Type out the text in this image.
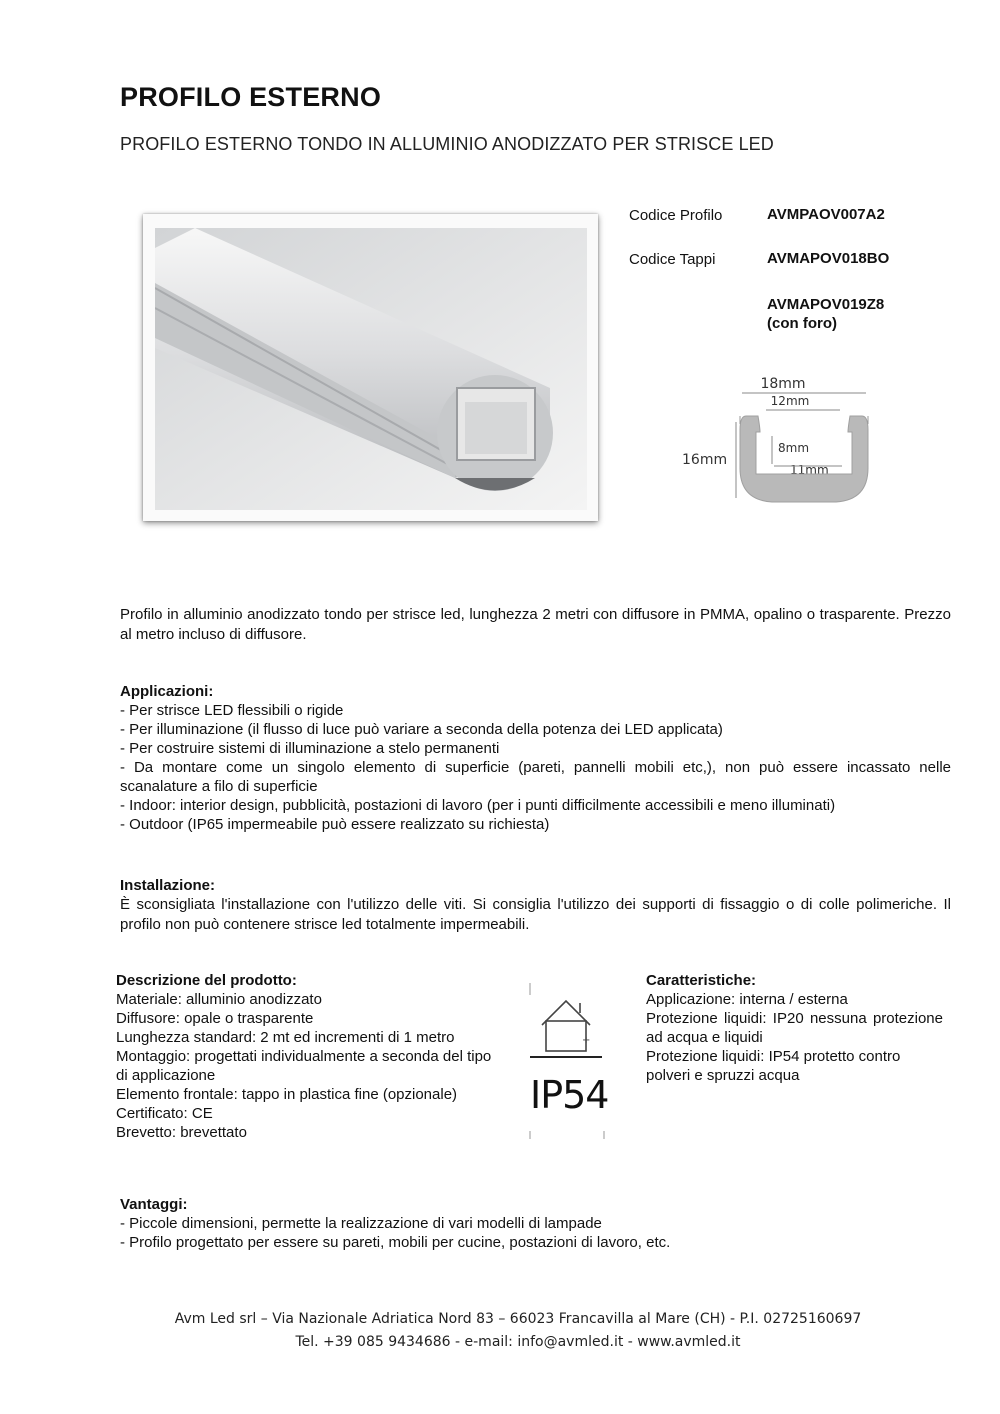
PROFILO ESTERNO
PROFILO ESTERNO TONDO IN ALLUMINIO ANODIZZATO PER STRISCE LED
Codice Profilo	AVMPAOV007A2
Codice Tappi	AVMAPOV018BO
AVMAPOV019Z8
(con foro)
18mm
12mm
16mm
8mm
11mm
Profilo in alluminio anodizzato tondo per strisce led, lunghezza 2 metri con diffusore in PMMA, opalino o trasparente. Prezzo al metro incluso di diffusore.
Applicazioni:
- Per strisce LED flessibili o rigide
- Per illuminazione (il flusso di luce può variare a seconda della potenza dei LED applicata)
- Per costruire sistemi di illuminazione a stelo permanenti
- Da montare come un singolo elemento di superficie (pareti, pannelli mobili etc,), non può essere incassato nelle scanalature a filo di superficie
- Indoor: interior design, pubblicità, postazioni di lavoro (per i punti difficilmente accessibili e meno illuminati)
- Outdoor (IP65 impermeabile può essere realizzato su richiesta)
Installazione:
È sconsigliata l'installazione con l'utilizzo delle viti. Si consiglia l'utilizzo dei supporti di fissaggio o di colle polimeriche. Il profilo non può contenere strisce led totalmente impermeabili.
Descrizione del prodotto:
Materiale: alluminio anodizzato
Diffusore: opale o trasparente
Lunghezza standard: 2 mt ed incrementi di 1 metro
Montaggio: progettati individualmente a seconda del tipo di applicazione
Elemento frontale: tappo in plastica fine (opzionale)
Certificato: CE
Brevetto: brevettato
+
IP54
Caratteristiche:
Applicazione: interna / esterna
Protezione liquidi: IP20 nessuna protezione ad acqua e liquidi
Protezione liquidi: IP54 protetto contro polveri e spruzzi acqua
Vantaggi:
- Piccole dimensioni, permette la realizzazione di vari modelli di lampade
- Profilo progettato per essere su pareti, mobili per cucine, postazioni di lavoro, etc.
Avm Led srl – Via Nazionale Adriatica Nord 83 – 66023 Francavilla al Mare (CH) - P.I. 02725160697
Tel. +39 085 9434686 - e-mail: info@avmled.it - www.avmled.it
